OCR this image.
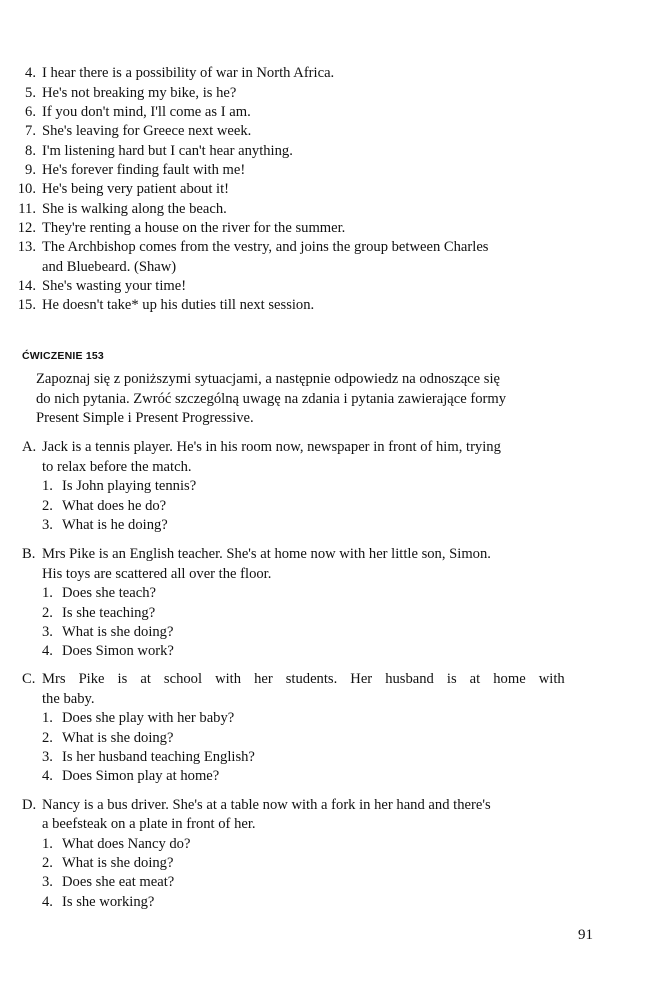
4. I hear there is a possibility of war in North Africa.
5. He's not breaking my bike, is he?
6. If you don't mind, I'll come as I am.
7. She's leaving for Greece next week.
8. I'm listening hard but I can't hear anything.
9. He's forever finding fault with me!
10. He's being very patient about it!
11. She is walking along the beach.
12. They're renting a house on the river for the summer.
13. The Archbishop comes from the vestry, and joins the group between Charles
and Bluebeard. (Shaw)
14. She's wasting your time!
15. He doesn't take* up his duties till next session.
ĆWICZENIE 153
Zapoznaj się z poniższymi sytuacjami, a następnie odpowiedz na odnoszące się
do nich pytania. Zwróć szczególną uwagę na zdania i pytania zawierające formy
Present Simple i Present Progressive.
A. Jack is a tennis player. He's in his room now, newspaper in front of him, trying
to relax before the match.
1. Is John playing tennis?
2. What does he do?
3. What is he doing?
B. Mrs Pike is an English teacher. She's at home now with her little son, Simon.
His toys are scattered all over the floor.
1. Does she teach?
2. Is she teaching?
3. What is she doing?
4. Does Simon work?
C. Mrs Pike is at school with her students. Her husband is at home with
the baby.
1. Does she play with her baby?
2. What is she doing?
3. Is her husband teaching English?
4. Does Simon play at home?
D. Nancy is a bus driver. She's at a table now with a fork in her hand and there's
a beefsteak on a plate in front of her.
1. What does Nancy do?
2. What is she doing?
3. Does she eat meat?
4. Is she working?
91
